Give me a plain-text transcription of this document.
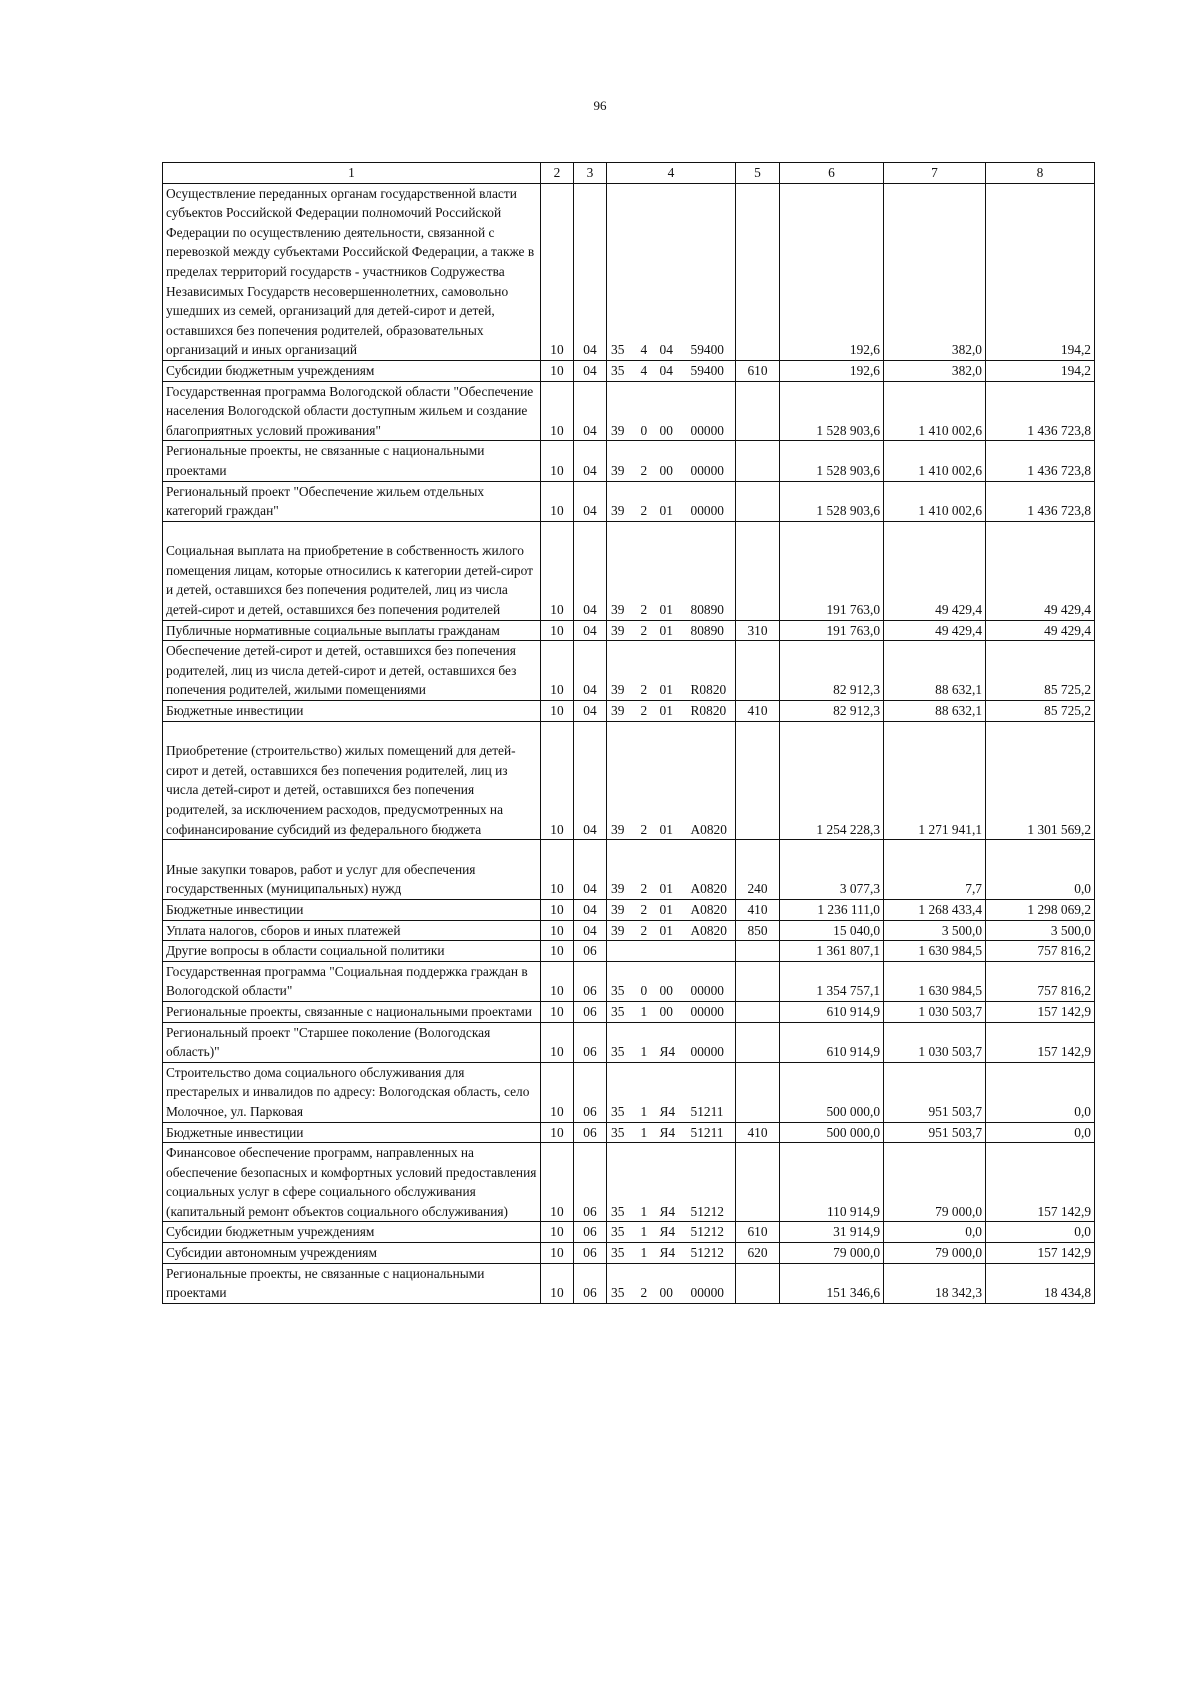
96
1	2	3	4				5	6	7	8
Осуществление переданных органам государственной власти субъектов Российской Федерации полномочий Российской Федерации по осуществлению деятельности, связанной с перевозкой между субъектами Российской Федерации, а также в пределах территорий государств - участников Содружества Независимых Государств несовершеннолетних, самовольно ушедших из семей, организаций для детей-сирот и детей, оставшихся без попечения родителей, образовательных организаций и иных организаций	10	04	35	4	04	59400		192,6	382,0	194,2
Субсидии бюджетным учреждениям	10	04	35	4	04	59400	610	192,6	382,0	194,2
Государственная программа Вологодской области "Обеспечение населения Вологодской области доступным жильем и создание благоприятных условий проживания"	10	04	39	0	00	00000		1 528 903,6	1 410 002,6	1 436 723,8
Региональные проекты, не связанные с национальными проектами	10	04	39	2	00	00000		1 528 903,6	1 410 002,6	1 436 723,8
Региональный проект "Обеспечение жильем отдельных категорий граждан"	10	04	39	2	01	00000		1 528 903,6	1 410 002,6	1 436 723,8

Социальная выплата на приобретение в собственность жилого помещения лицам, которые относились к категории детей-сирот и детей, оставшихся без попечения родителей, лиц из числа детей-сирот и детей, оставшихся без попечения родителей	10	04	39	2	01	80890		191 763,0	49 429,4	49 429,4
Публичные нормативные социальные выплаты гражданам	10	04	39	2	01	80890	310	191 763,0	49 429,4	49 429,4
Обеспечение детей-сирот и детей, оставшихся без попечения родителей, лиц из числа детей-сирот и детей, оставшихся без попечения родителей, жилыми помещениями	10	04	39	2	01	R0820		82 912,3	88 632,1	85 725,2
Бюджетные инвестиции	10	04	39	2	01	R0820	410	82 912,3	88 632,1	85 725,2

Приобретение (строительство) жилых помещений для детей-сирот и детей, оставшихся без попечения родителей, лиц из числа детей-сирот и детей, оставшихся без попечения родителей, за исключением расходов, предусмотренных на софинансирование субсидий из федерального бюджета	10	04	39	2	01	А0820		1 254 228,3	1 271 941,1	1 301 569,2

Иные закупки товаров, работ и услуг для обеспечения государственных (муниципальных) нужд	10	04	39	2	01	А0820	240	3 077,3	7,7	0,0
Бюджетные инвестиции	10	04	39	2	01	А0820	410	1 236 111,0	1 268 433,4	1 298 069,2
Уплата налогов, сборов и иных платежей	10	04	39	2	01	А0820	850	15 040,0	3 500,0	3 500,0
Другие вопросы в области социальной политики	10	06						1 361 807,1	1 630 984,5	757 816,2
Государственная программа "Социальная поддержка граждан в Вологодской области"	10	06	35	0	00	00000		1 354 757,1	1 630 984,5	757 816,2
Региональные проекты, связанные с национальными проектами	10	06	35	1	00	00000		610 914,9	1 030 503,7	157 142,9
Региональный проект "Старшее поколение (Вологодская область)"	10	06	35	1	Я4	00000		610 914,9	1 030 503,7	157 142,9
Строительство дома социального обслуживания для престарелых и инвалидов по адресу: Вологодская область, село Молочное, ул. Парковая	10	06	35	1	Я4	51211		500 000,0	951 503,7	0,0
Бюджетные инвестиции	10	06	35	1	Я4	51211	410	500 000,0	951 503,7	0,0
Финансовое обеспечение программ, направленных на обеспечение безопасных и комфортных условий предоставления социальных услуг в сфере социального обслуживания (капитальный ремонт объектов социального обслуживания)	10	06	35	1	Я4	51212		110 914,9	79 000,0	157 142,9
Субсидии бюджетным учреждениям	10	06	35	1	Я4	51212	610	31 914,9	0,0	0,0
Субсидии автономным учреждениям	10	06	35	1	Я4	51212	620	79 000,0	79 000,0	157 142,9
Региональные проекты, не связанные с национальными проектами	10	06	35	2	00	00000		151 346,6	18 342,3	18 434,8
